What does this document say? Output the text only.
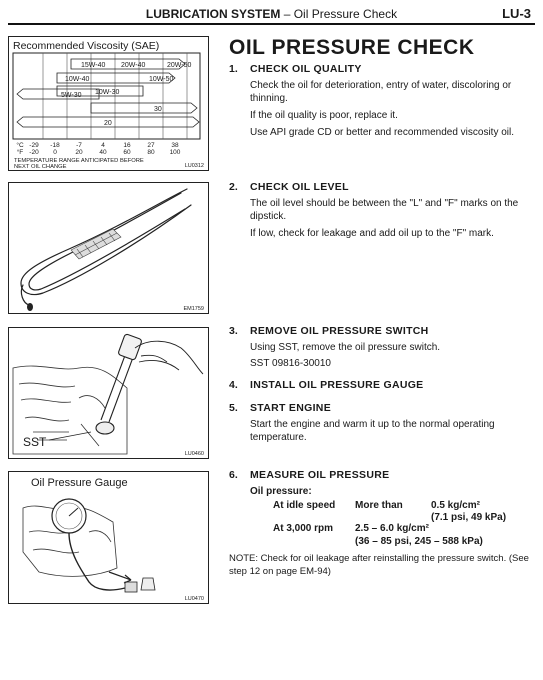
LUBRICATION SYSTEM – Oil Pressure Check	LU-3
Recommended Viscosity (SAE)
15W-40 20W-40	20W-50
10W-40	10W-50
10W-30
5W-30
30
20
°C
°F
-29 -18	-7	4	16	27	38
-20 0	20	40	60	80 100
TEMPERATURE RANGE ANTICIPATED BEFORE
NEXT OIL CHANGE	LU0312
EM1759
SST
LU0460
Oil Pressure Gauge
LU0470
OIL PRESSURE CHECK
1. CHECK OIL QUALITY
Check the oil for deterioration, entry of water, discoloring or thinning.
If the oil quality is poor, replace it.
Use API grade CD or better and recommended viscosity oil.
2. CHECK OIL LEVEL
The oil level should be between the "L" and "F" marks on the dipstick.
If low, check for leakage and add oil up to the "F" mark.
3. REMOVE OIL PRESSURE SWITCH
Using SST, remove the oil pressure switch.
SST 09816-30010
4. INSTALL OIL PRESSURE GAUGE
5. START ENGINE
Start the engine and warm it up to the normal operating temperature.
6. MEASURE OIL PRESSURE
Oil pressure:
At idle speed More than	0.5 kg/cm²
(7.1 psi, 49 kPa)
At 3,000 rpm 2.5 – 6.0 kg/cm²
(36 – 85 psi, 245 – 588 kPa)
NOTE: Check for oil leakage after reinstalling the pressure switch. (See step 12 on page EM-94)
